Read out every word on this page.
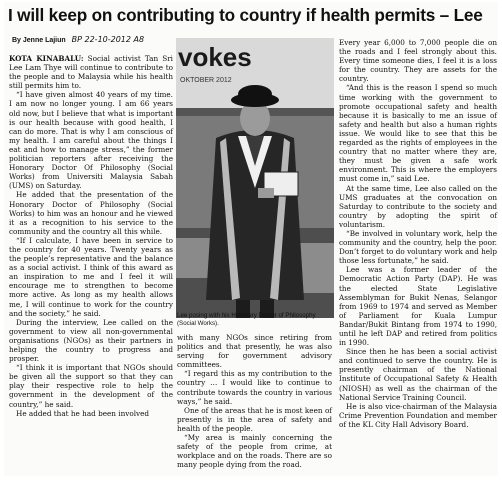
I will keep on contributing to country if health permits – Lee
By Jenne Lajiun BP 22-10-2012 A8

KOTA KINABALU: Social activist Tan Sri Lee Lam Thye will continue to contribute to the people and to Malaysia while his health still permits him to.

“I have given almost 40 years of my time. I am now no longer young. I am 66 years old now, but I believe that what is important is our health because with good health, I can do more. That is why I am conscious of my health. I am careful about the things I eat and how to manage stress,” the former politician reporters after receiving the Honorary Doctor Of Philosophy (Social Works) from Universiti Malaysia Sabah (UMS) on Saturday.

He added that the presentation of the Honorary Doctor of Philosophy (Social Works) to him was an honour and he viewed it as a recognition to his service to the community and the country all this while.

“If I calculate, I have been in service to the country for 40 years. Twenty years as the people’s representative and the balance as a social activist. I think of this award as an inspiration to me and I feel it will encourage me to strengthen to become more active. As long as my health allows me, I will continue to work for the country and the society,” he said.

During the interview, Lee called on the government to view all non-governmental organisations (NGOs) as their partners in helping the country to progress and prosper.

“I think it is important that NGOs should be given all the support so that they can play their respective role to help the government in the development of the country,” he said.

He added that he had been involved

vokes
OKTOBER 2012
Lee posing with his Honorary Doctor of Philosophy (Social Works).

with many NGOs since retiring from politics and that presently, he was also serving for government advisory committees.

“I regard this as my contribution to the country … I would like to continue to contribute towards the country in various ways,” he said.

One of the areas that he is most keen of presently is in the area of safety and health of the people.

“My area is mainly concerning the safety of the people from crime, at workplace and on the roads. There are so many people dying from the road.

Every year 6,000 to 7,000 people die on the roads and I feel strongly about this. Every time someone dies, I feel it is a loss for the country. They are assets for the country.

“And this is the reason I spend so much time working with the government to promote occupational safety and health because it is basically to me an issue of safety and health but also a human rights issue. We would like to see that this be regarded as the rights of employees in the country that no matter where they are, they must be given a safe work environment. This is where the employers must come in,” said Lee.

At the same time, Lee also called on the UMS graduates at the convocation on Saturday to contribute to the society and country by adopting the spirit of voluntarism.

“Be involved in voluntary work, help the community and the country, help the poor. Don’t forget to do voluntary work and help those less fortunate,” he said.

Lee was a former leader of the Democratic Action Party (DAP). He was the elected State Legislative Assemblyman for Bukit Nenas, Selangor from 1969 to 1974 and served as Member of Parliament for Kuala Lumpur Bandar/Bukit Bintang from 1974 to 1990, until he left DAP and retired from politics in 1990.

Since then he has been a social activist and continued to serve the country. He is presently chairman of the National Institute of Occupational Safety & Health (NIOSH) as well as the chairman of the National Service Training Council.

He is also vice-chairman of the Malaysia Crime Prevention Foundation and member of the KL City Hall Advisory Board.
